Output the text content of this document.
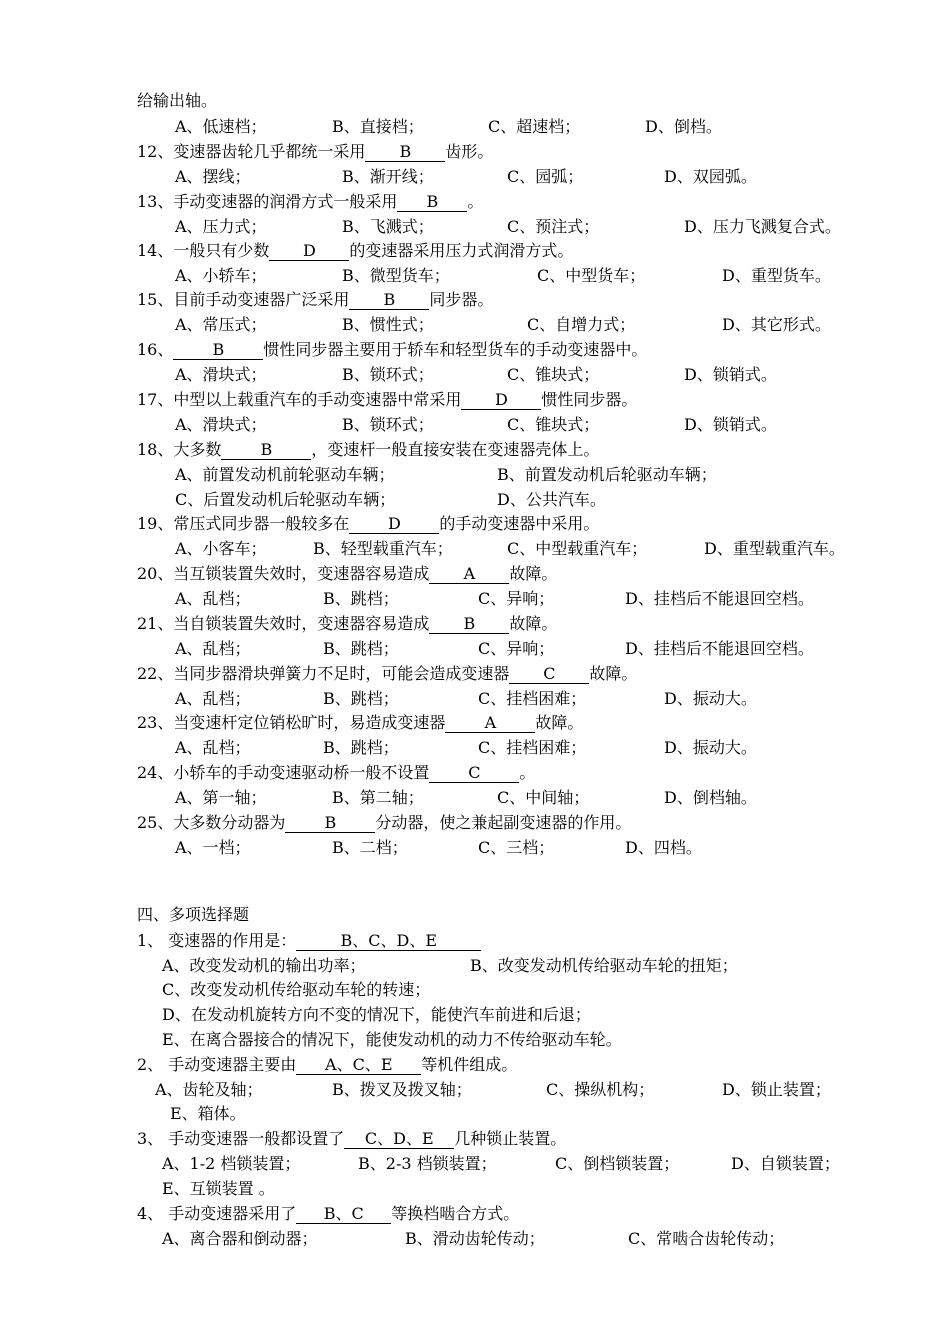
给输出轴。
A、低速档；	B、直接档；	C、超速档；	D、倒档。
12、变速器齿轮几乎都统一采用 B 齿形。
A、摆线；	B、渐开线；	C、园弧；	D、双园弧。
13、手动变速器的润滑方式一般采用 B 。
A、压力式；	B、飞溅式；	C、预注式；	D、压力飞溅复合式。
14、一般只有少数 D 的变速器采用压力式润滑方式。
A、小轿车；	B、微型货车；	C、中型货车；	D、重型货车。
15、目前手动变速器广泛采用 B 同步器。
A、常压式；	B、惯性式；	C、自增力式；	D、其它形式。
16、 B 惯性同步器主要用于轿车和轻型货车的手动变速器中。
A、滑块式；	B、锁环式；	C、锥块式；	D、锁销式。
17、中型以上载重汽车的手动变速器中常采用 D 惯性同步器。
A、滑块式；	B、锁环式；	C、锥块式；	D、锁销式。
18、大多数 B ，变速杆一般直接安装在变速器壳体上。
A、前置发动机前轮驱动车辆；	B、前置发动机后轮驱动车辆；
C、后置发动机后轮驱动车辆；	D、公共汽车。
19、常压式同步器一般较多在 D 的手动变速器中采用。
A、小客车；	B、轻型载重汽车；	C、中型载重汽车；	D、重型载重汽车。
20、当互锁装置失效时，变速器容易造成 A 故障。
A、乱档；	B、跳档；	C、异响；	D、挂档后不能退回空档。
21、当自锁装置失效时，变速器容易造成 B 故障。
A、乱档；	B、跳档；	C、异响；	D、挂档后不能退回空档。
22、当同步器滑块弹簧力不足时，可能会造成变速器 C 故障。
A、乱档；	B、跳档；	C、挂档困难；	D、振动大。
23、当变速杆定位销松旷时，易造成变速器 A 故障。
A、乱档；	B、跳档；	C、挂档困难；	D、振动大。
24、小轿车的手动变速驱动桥一般不设置 C 。
A、第一轴；	B、第二轴；	C、中间轴；	D、倒档轴。
25、大多数分动器为 B 分动器，使之兼起副变速器的作用。
A、一档；	B、二档；	C、三档；	D、四档。
四、多项选择题
1、 变速器的作用是：	B、C、D、E
A、改变发动机的输出功率；	B、改变发动机传给驱动车轮的扭矩；
C、改变发动机传给驱动车轮的转速；
D、在发动机旋转方向不变的情况下，能使汽车前进和后退；
E、在离合器接合的情况下，能使发动机的动力不传给驱动车轮。
2、 手动变速器主要由 A、C、E 等机件组成。
A、齿轮及轴；	B、拨叉及拨叉轴；	C、操纵机构；	D、锁止装置；
E、箱体。
3、 手动变速器一般都设置了 C、D、E 几种锁止装置。
A、1-2 档锁装置；	B、2-3 档锁装置；	C、倒档锁装置；	D、自锁装置；
E、互锁装置 。
4、 手动变速器采用了 B、C 等换档啮合方式。
A、离合器和倒动器；	B、滑动齿轮传动；	C、常啮合齿轮传动；
